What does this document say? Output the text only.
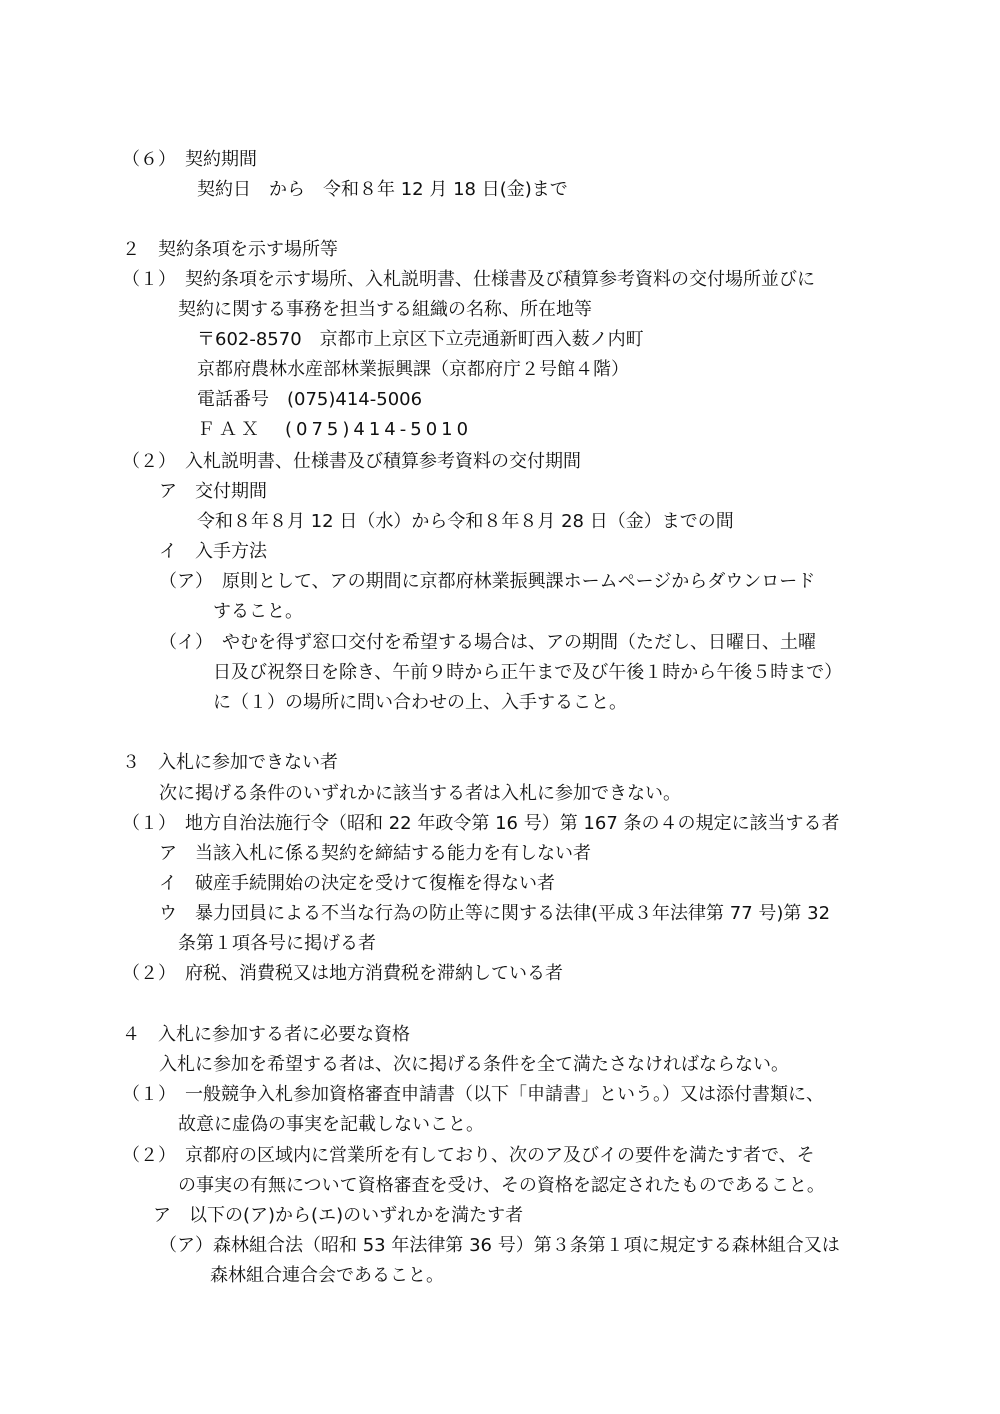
（６）　契約期間
契約日　から　令和８年 12 月 18 日(金)まで
２　契約条項を示す場所等
（１）　契約条項を示す場所、入札説明書、仕様書及び積算参考資料の交付場所並びに
契約に関する事務を担当する組織の名称、所在地等
〒602-8570　京都市上京区下立売通新町西入薮ノ内町
京都府農林水産部林業振興課（京都府庁２号館４階）
電話番号　(075)414-5006
ＦＡＸ　(075)414-5010
（２）　入札説明書、仕様書及び積算参考資料の交付期間
ア　交付期間
令和８年８月 12 日（水）から令和８年８月 28 日（金）までの間
イ　入手方法
（ア）　原則として、アの期間に京都府林業振興課ホームページからダウンロード
すること。
（イ）　やむを得ず窓口交付を希望する場合は、アの期間（ただし、日曜日、土曜
日及び祝祭日を除き、午前９時から正午まで及び午後１時から午後５時まで）
に（１）の場所に問い合わせの上、入手すること。
３　入札に参加できない者
次に掲げる条件のいずれかに該当する者は入札に参加できない。
（１）　地方自治法施行令（昭和 22 年政令第 16 号）第 167 条の４の規定に該当する者
ア　当該入札に係る契約を締結する能力を有しない者
イ　破産手続開始の決定を受けて復権を得ない者
ウ　暴力団員による不当な行為の防止等に関する法律(平成３年法律第 77 号)第 32
条第１項各号に掲げる者
（２）　府税、消費税又は地方消費税を滞納している者
４　入札に参加する者に必要な資格
入札に参加を希望する者は、次に掲げる条件を全て満たさなければならない。
（１）　一般競争入札参加資格審査申請書（以下「申請書」という。）又は添付書類に、
故意に虚偽の事実を記載しないこと。
（２）　京都府の区域内に営業所を有しており、次のア及びイの要件を満たす者で、そ
の事実の有無について資格審査を受け、その資格を認定されたものであること。
ア　以下の(ア)から(エ)のいずれかを満たす者
（ア）森林組合法（昭和 53 年法律第 36 号）第３条第１項に規定する森林組合又は
森林組合連合会であること。
